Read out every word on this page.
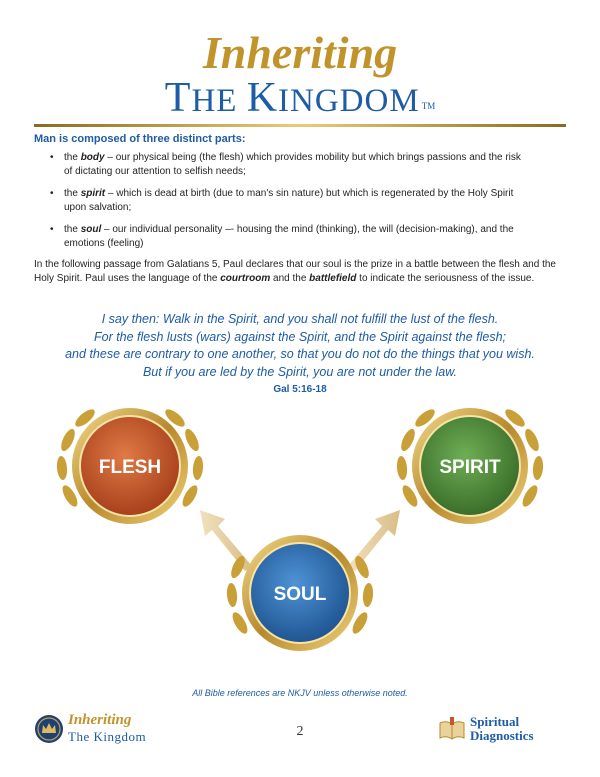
Inheriting
THE KINGDOM ™
Man is composed of three distinct parts:
• the body – our physical being (the flesh) which provides mobility but which brings passions and the risk of dictating our attention to selfish needs;
• the spirit – which is dead at birth (due to man's sin nature) but which is regenerated by the Holy Spirit upon salvation;
• the soul – our individual personality –- housing the mind (thinking), the will (decision-making), and the emotions (feeling)

In the following passage from Galatians 5, Paul declares that our soul is the prize in a battle between the flesh and the Holy Spirit. Paul uses the language of the courtroom and the battlefield to indicate the seriousness of the issue.

I say then: Walk in the Spirit, and you shall not fulfill the lust of the flesh.
For the flesh lusts (wars) against the Spirit, and the Spirit against the flesh;
and these are contrary to one another, so that you do not do the things that you wish.
But if you are led by the Spirit, you are not under the law.
Gal 5:16-18
FLESH	SPIRIT
SOUL
All Bible references are NKJV unless otherwise noted.
Inheriting
The Kingdom	2
Spiritual
Diagnostics
